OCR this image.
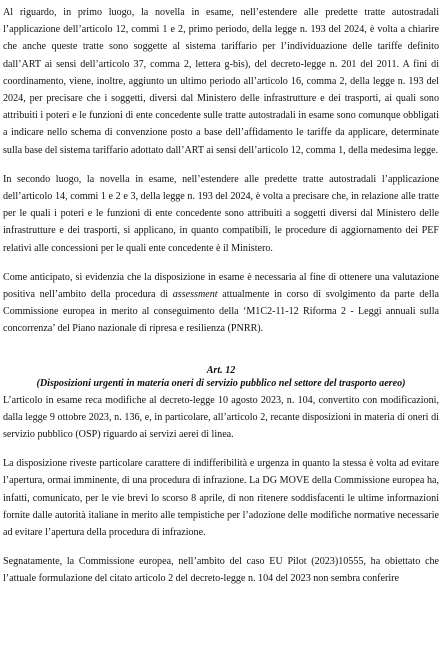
Al riguardo, in primo luogo, la novella in esame, nell’estendere alle predette tratte autostradali l’applicazione dell’articolo 12, commi 1 e 2, primo periodo, della legge n. 193 del 2024, è volta a chiarire che anche queste tratte sono soggette al sistema tariffario per l’individuazione delle tariffe definito dall’ART ai sensi dell’articolo 37, comma 2, lettera g-bis), del decreto-legge n. 201 del 2011. A fini di coordinamento, viene, inoltre, aggiunto un ultimo periodo all’articolo 16, comma 2, della legge n. 193 del 2024, per precisare che i soggetti, diversi dal Ministero delle infrastrutture e dei trasporti, ai quali sono attribuiti i poteri e le funzioni di ente concedente sulle tratte autostradali in esame sono comunque obbligati a indicare nello schema di convenzione posto a base dell’affidamento le tariffe da applicare, determinate sulla base del sistema tariffario adottato dall’ART ai sensi dell’articolo 12, comma 1, della medesima legge.

In secondo luogo, la novella in esame, nell’estendere alle predette tratte autostradali l’applicazione dell’articolo 14, commi 1 e 2 e 3, della legge n. 193 del 2024, è volta a precisare che, in relazione alle tratte per le quali i poteri e le funzioni di ente concedente sono attribuiti a soggetti diversi dal Ministero delle infrastrutture e dei trasporti, si applicano, in quanto compatibili, le procedure di aggiornamento dei PEF relativi alle concessioni per le quali ente concedente è il Ministero.

Come anticipato, si evidenzia che la disposizione in esame è necessaria al fine di ottenere una valutazione positiva nell’ambito della procedura di assessment attualmente in corso di svolgimento da parte della Commissione europea in merito al conseguimento della ‘M1C2-11-12 Riforma 2 - Leggi annuali sulla concorrenza’ del Piano nazionale di ripresa e resilienza (PNRR).

Art. 12
(Disposizioni urgenti in materia oneri di servizio pubblico nel settore del trasporto aereo)

L’articolo in esame reca modifiche al decreto-legge 10 agosto 2023, n. 104, convertito con modificazioni, dalla legge 9 ottobre 2023, n. 136, e, in particolare, all’articolo 2, recante disposizioni in materia di oneri di servizio pubblico (OSP) riguardo ai servizi aerei di linea.

La disposizione riveste particolare carattere di indifferibilità e urgenza in quanto la stessa è volta ad evitare l’apertura, ormai imminente, di una procedura di infrazione. La DG MOVE della Commissione europea ha, infatti, comunicato, per le vie brevi lo scorso 8 aprile, di non ritenere soddisfacenti le ultime informazioni fornite dalle autorità italiane in merito alle tempistiche per l’adozione delle modifiche normative necessarie ad evitare l’apertura della procedura di infrazione.

Segnatamente, la Commissione europea, nell’ambito del caso EU Pilot (2023)10555, ha obiettato che l’attuale formulazione del citato articolo 2 del decreto-legge n. 104 del 2023 non sembra conferire
